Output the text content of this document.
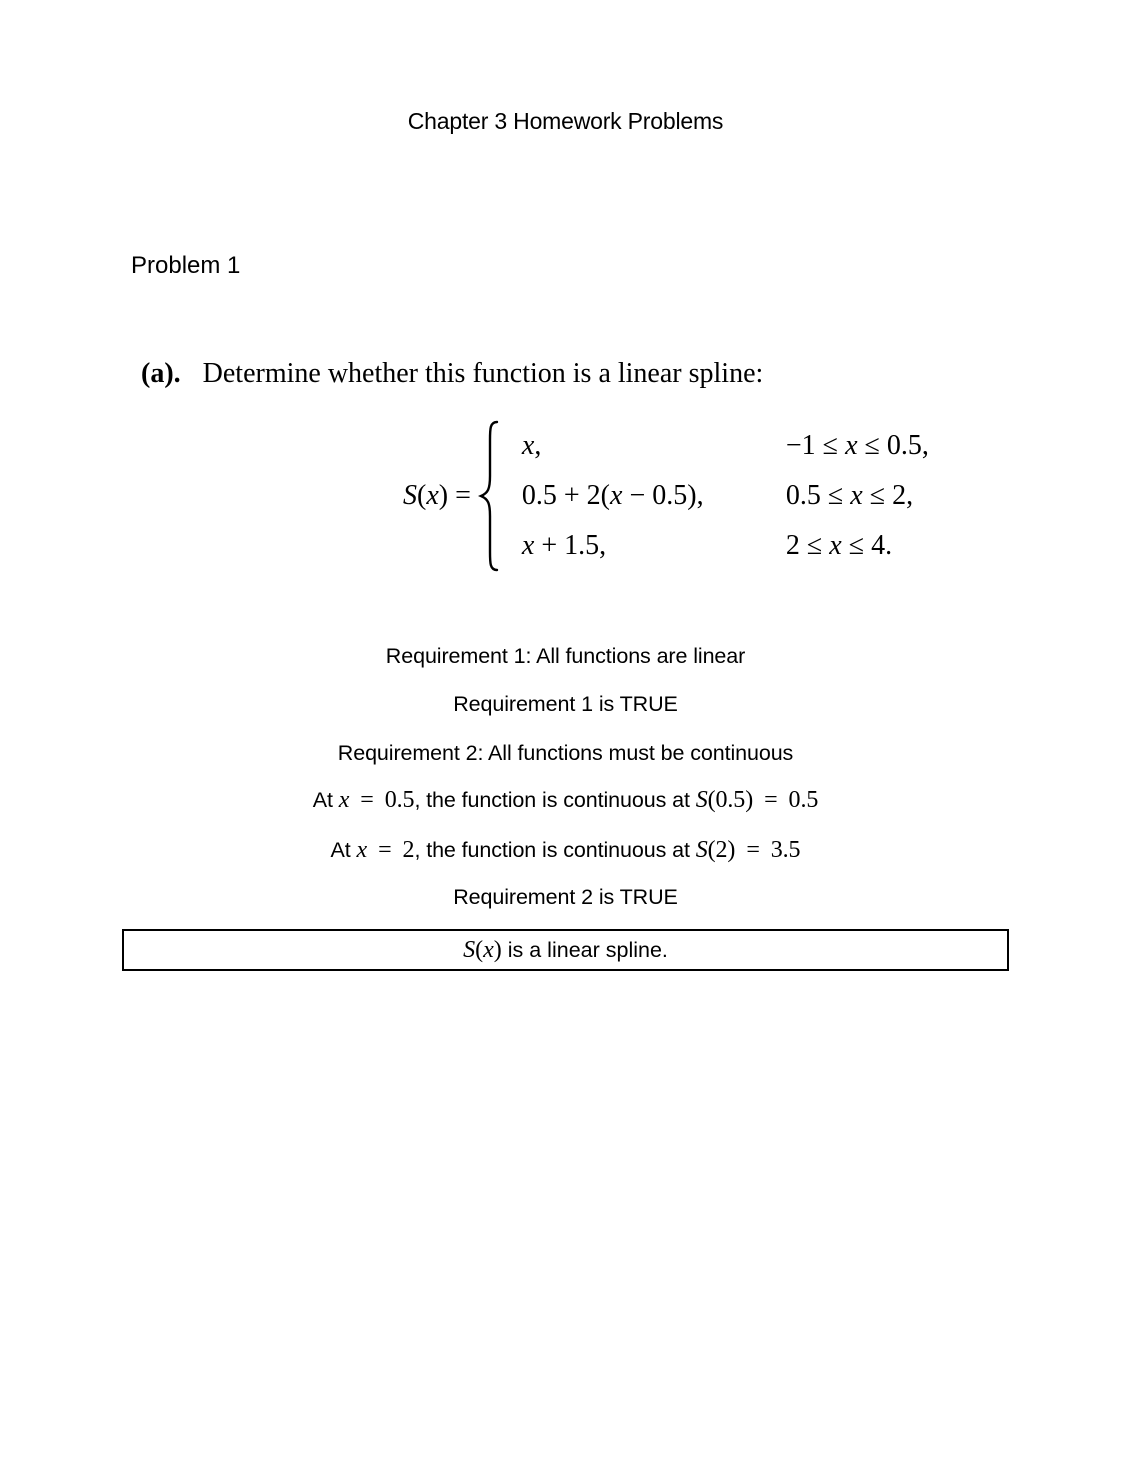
Chapter 3 Homework Problems
Problem 1
(a). Determine whether this function is a linear spline:
S(x) =
x,
0.5 + 2(x − 0.5),
x + 1.5,
−1 ≤ x ≤ 0.5,
0.5 ≤ x ≤ 2,
2 ≤ x ≤ 4.
Requirement 1: All functions are linear
Requirement 1 is TRUE
Requirement 2: All functions must be continuous
At x = 0.5, the function is continuous at S(0.5) = 0.5
At x = 2, the function is continuous at S(2) = 3.5
Requirement 2 is TRUE
S(x) is a linear spline.
